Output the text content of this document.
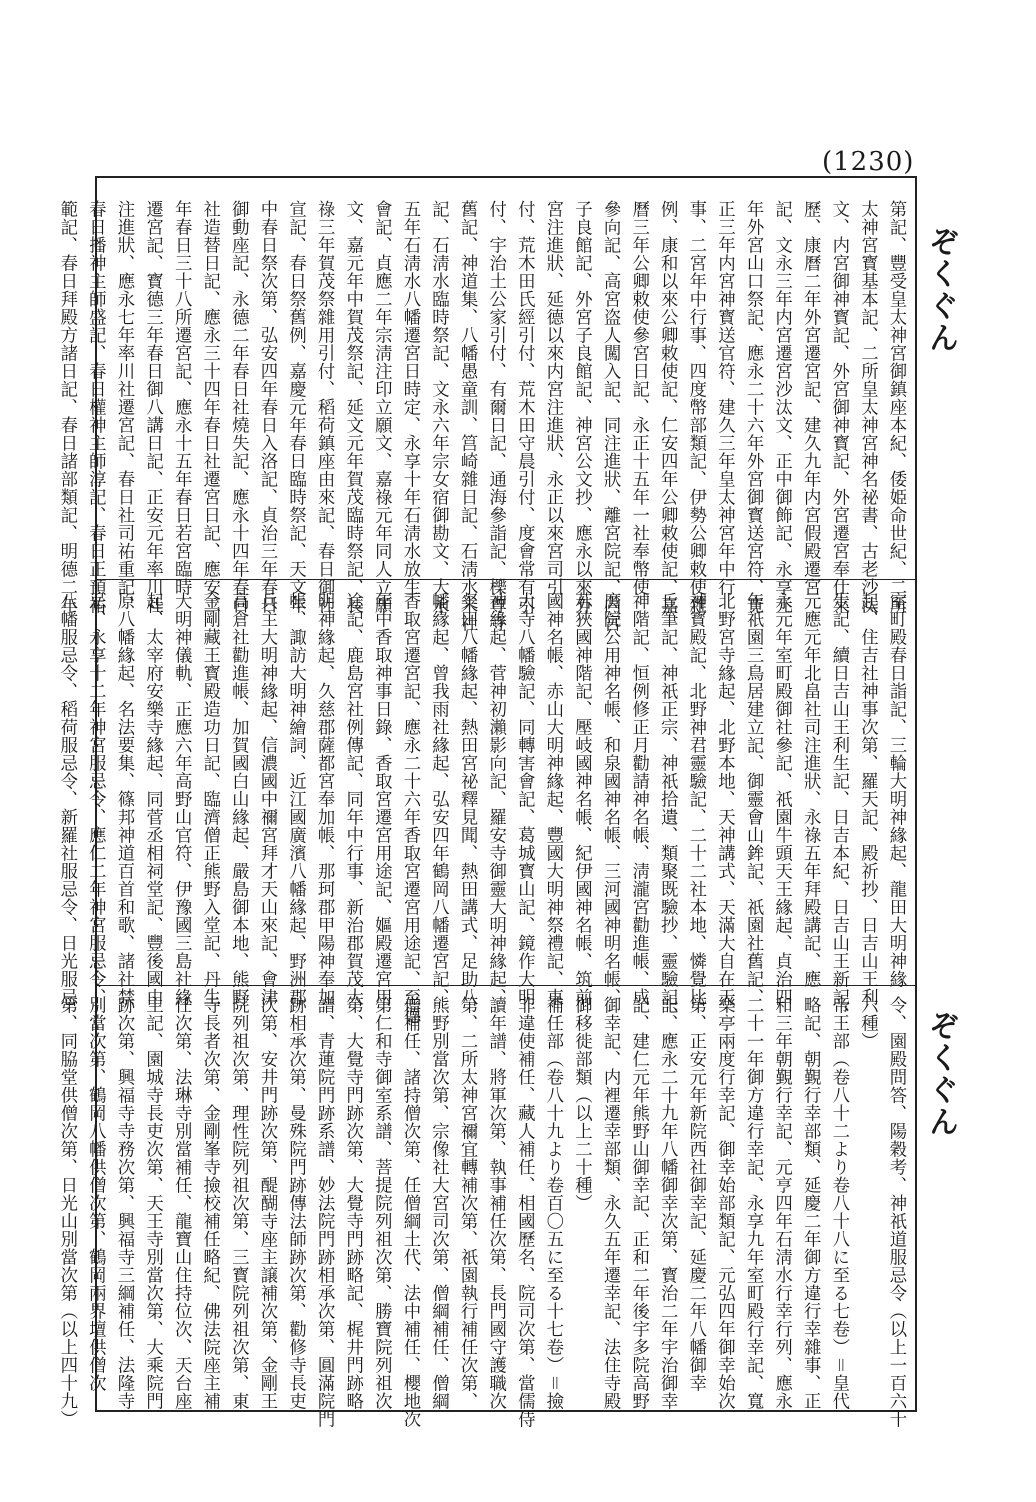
(1230)
ぞくぐん
ぞくぐん
第記、豐受皇太神宮御鎮座本紀、倭姫命世紀、二所
太神宮寳基本記、二所皇太神宮神名祕書、古老沙汰
文、内宮御神寳記、外宮御神寳記、外宮遷宮奉仕來
歷、康曆二年外宮遷宮記、建久九年内宮假殿遷宮
記、文永三年内宮遷宮沙汰文、正中御飾記、永享元
年外宮山口祭記、應永二十六年外宮御寳送宮符、寛
正三年内宮神寳送官符、建久三年皇太神宮年中行
事、二宮年中行事、四度幣部類記、伊勢公卿敕使雜
例、康和以來公卿敕使記、仁安四年公卿敕使記、嘉
曆三年公卿敕使參宮日記、永正十五年一社奉幣使
參向記、高宮盗人闖入記、同注進狀、離宮院記、内宮
子良館記、外宮子良館記、神宮公文抄、應永以來外
宮注進狀、延德以來内宮注進狀、永正以來宮司引
付、荒木田氏經引付、荒木田守晨引付、度會常有引
付、宇治土公家引付、有爾日記、通海參詣記、櫟尊寺
舊記、神道集、八幡愚童訓、筥崎雜日記、石淸水末社
記、石淸水臨時祭記、文永六年宗女宿御勘文、大永
五年石淸水八幡遷宮日時定、永享十年石淸水放生
會記、貞應二年宗淸注印立願文、嘉祿元年同人立願
文、嘉元年中賀茂祭記、延文元年賀茂臨時祭記、長
祿三年賀茂祭雜用引付、稻荷鎮座由來記、春日御社
宣記、春日祭舊例、嘉慶元年春日臨時祭記、天文年
中春日祭次第、弘安四年春日入洛記、貞治三年春日
御動座記、永德二年春日社燒失記、應永十四年春日
社造替日記、應永三十四年春日社遷宮日記、應安二
年春日三十八所遷宮記、應永十五年春日若宮臨時
遷宮記、寳德三年春日御八講日記、正安元年率川社
注進狀、應永七年率川社遷宮記、春日社司祐重記、
春日播神主師盛記、春日權神主師淳記、春日正預祐
範記、春日拜殿方諸日記、春日諸部類記、明德二年
室町殿春日詣記、三輪大明神緣起、龍田大明神緣
起、住吉社神事次第、羅天記、殿祈抄、日吉山王利
生記、續日吉山王利生記、日吉本紀、日吉山王新記、
元應元年北畠社司注進狀、永祿五年拜殿講記、應
永元年室町殿御社參記、祇園牛頭天王緣起、貞治四
年祇園三鳥居建立記、御靈會山鉾記、祇園社舊記、
北野宮寺緣起、北野本地、天神講式、天滿大自在天
神寳殿記、北野神君靈驗記、二十二社本地、憐覺比
丘筆記、神祇正宗、神祇拾遺、類聚既驗抄、靈驗記、
神階記、恒例修正月勸請神名帳、淸瀧宮勸進帳、成
麿院公用神名帳、和泉國神名帳、三河國神明名帳、
若狹國神階記、壓岐國神名帳、紀伊國神名帳、筑前
國神名帳、赤山大明神緣起、豐國大明神祭禮記、東
大寺八幡驗記、同轉害會記、葛城寳山記、鏡作大明
神緣起、菅神初瀨影向記、羅安寺御靈大明神緣起、
粲田八幡緣起、熱田宮祕釋見聞、熱田講式、足助八
幡緣起、曾我雨社緣起、弘安四年鶴岡八幡遷宮記、
香取宮遷宮記、應永二十六年香取宮遷宮用途記、至德
年中香取神事日錄、香取宮遷宮用途記、嫗殿遷宮用
途記、鹿島宮社例傳記、同年中行事、新治郡賀茂大
明神緣起、久慈郡薩都宮奉加帳、那珂郡甲陽神奉加
帳、諏訪大明神繪詞、近江國廣濱八幡緣起、野洲郡
兵主大明神緣起、信濃國中禰宮拜才天山來記、會津
高倉社勸進帳、加賀國白山緣起、嚴島御本地、熊野
金剛藏王寳殿造功日記、臨濟僧正熊野入堂記、丹生
大明神儀軌、正應六年高野山官符、伊豫國三島社緣
起、太宰府安樂寺緣起、同菅丞相祠堂記、豐後國由
原八幡緣起、名法要集、篠邦神道百首和歌、諸社禁
忌、永享十二年神宮服忌令、應仁二年神宮服忌令、
八幡服忌令、稻荷服忌令、新羅社服忌令、日光服忌
令、園殿問答、陽穀考、神祇道服忌令（以上一百六十
六種）
帝王部（卷八十二より卷八十八に至る七卷）＝皇代
略記、朝覲行幸部類、延慶二年御方違行幸雜事、正
和三年朝覲行幸記、元亨四年石淸水行幸行列、應永
二十一年御方違行幸記、永享九年室町殿行幸記、寬
樂亭兩度行幸記、御幸始部類記、元弘四年御幸始次
第、正安元年新院西社御幸記、延慶二年八幡御幸
記、應永二十九年八幡御幸次第、寳治二年宇治御幸
記、建仁元年熊野山御幸記、正和二年後宇多院高野
御幸記、内裡遷幸部類、永久五年遷幸記、法住寺殿
御移徙部類（以上二十種）
補任部（卷八十九より卷百〇五に至る十七卷）＝撿
非違使補任、藏人補任、相國歷名、院司次第、當儒侍
讀年譜、將軍次第、執事補任次第、長門國守護職次
第、二所太神宮禰宜轉補次第、祇園執行補任次第、
熊野別當次第、宗像社大宮司次第、僧綱補任、僧綱
僧補任、諸持僧次第、任僧綱土代、法中補任、櫻地次
第仁和寺御室系譜、菩提院列祖次第、勝寶院列祖次
第、大覺寺門跡次第、大覺寺門跡略記、梶井門跡略
譜、青蓮院門跡系譜、妙法院門跡相承次第、圓滿院門
跡相承次第、曼殊院門跡傳法師跡次第、勸修寺長吏
次第、安井門跡次第、醍醐寺座主譲補次第、金剛王
院列祖次第、理性院列祖次第、三寳院列祖次第、東
寺長者次第、金剛峯寺撿校補任略紀、佛法院座主補
任次第、法琳寺別當補任、龍寶山住持位次、天台座
主記、園城寺長吏次第、天王寺別當次第、大乘院門
跡次第、興福寺寺務次第、興福寺三綱補任、法隆寺
別當次第、鶴岡八幡供僧次第、鶴岡兩界壇供僧次
第、同脇堂供僧次第、日光山別當次第（以上四十九）
